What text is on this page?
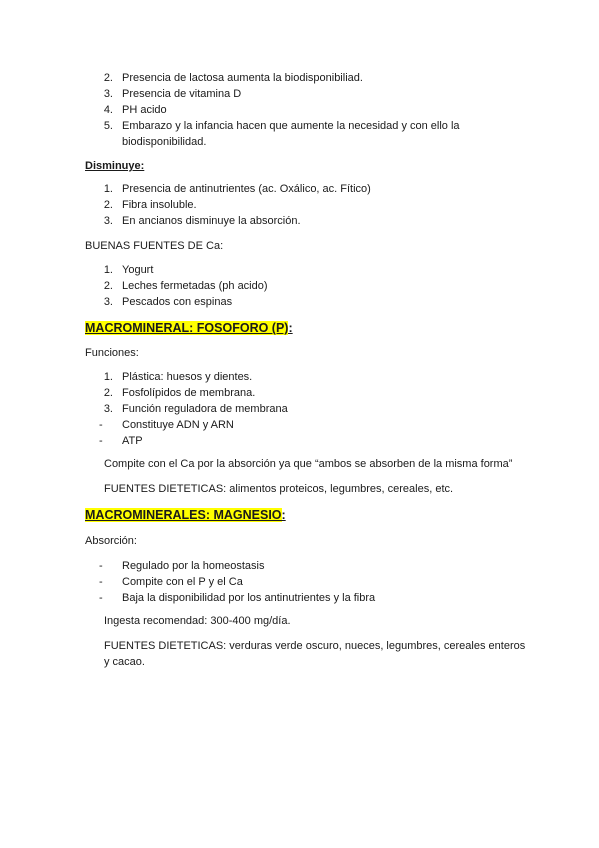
2. Presencia de lactosa aumenta la biodisponibiliad.
3. Presencia de vitamina D
4. PH acido
5. Embarazo y la infancia hacen que aumente la necesidad y con ello la
biodisponibilidad.
Disminuye:
1. Presencia de antinutrientes (ac. Oxálico, ac. Fítico)
2. Fibra insoluble.
3. En ancianos disminuye la absorción.
BUENAS FUENTES DE Ca:
1. Yogurt
2. Leches fermetadas (ph acido)
3. Pescados con espinas
MACROMINERAL: FOSOFORO (P):
Funciones:
1. Plástica: huesos y dientes.
2. Fosfolípidos de membrana.
3. Función reguladora de membrana
-	Constituye ADN y ARN
-	ATP
Compite con el Ca por la absorción ya que “ambos se absorben de la misma forma”
FUENTES DIETETICAS: alimentos proteicos, legumbres, cereales, etc.
MACROMINERALES: MAGNESIO:
Absorción:
-	Regulado por la homeostasis
-	Compite con el P y el Ca
-	Baja la disponibilidad por los antinutrientes y la fibra
Ingesta recomendad: 300-400 mg/día.
FUENTES DIETETICAS: verduras verde oscuro, nueces, legumbres, cereales enteros
y cacao.
